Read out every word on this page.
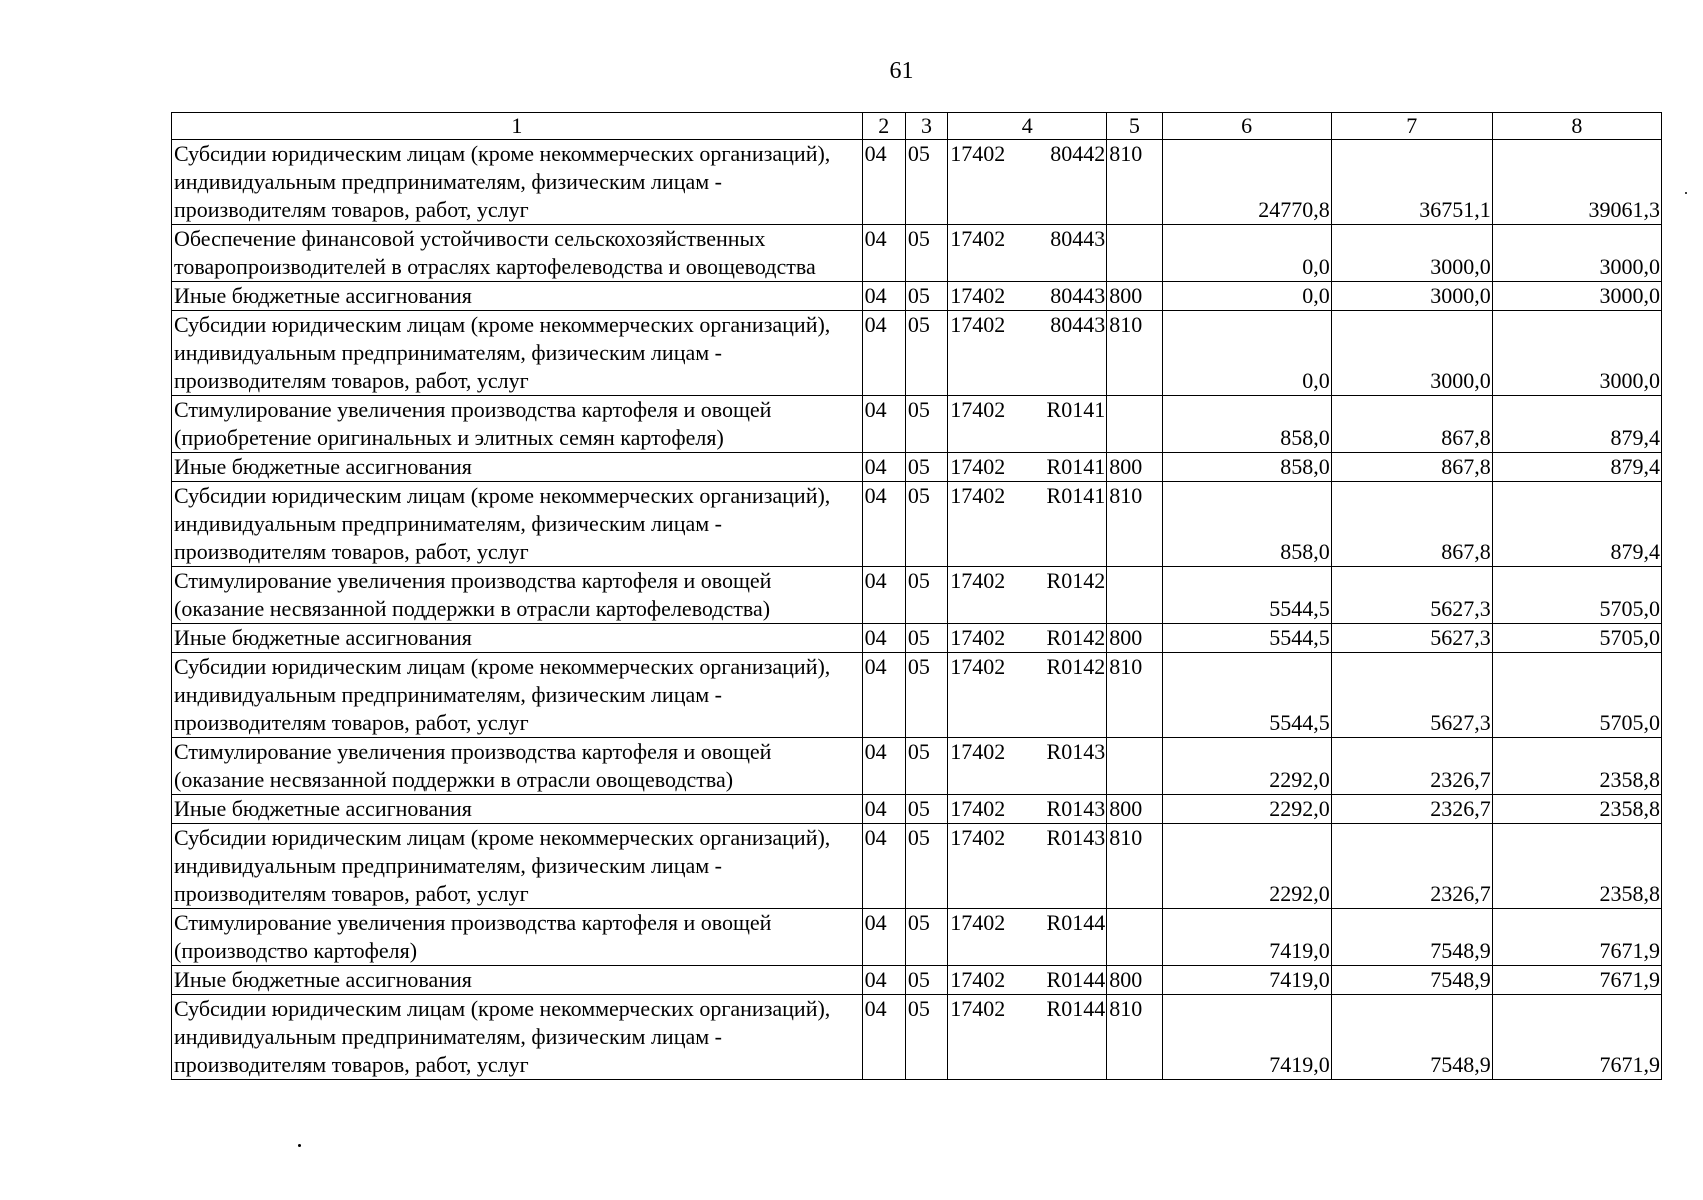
61
1	2	3	4		5	6	7	8
Субсидии юридическим лицам (кроме некоммерческих организаций), индивидуальным предпринимателям, физическим лицам - производителям товаров, работ, услуг	04	05	17402	80442	810	24770,8	36751,1	39061,3
Обеспечение финансовой устойчивости сельскохозяйственных товаропроизводителей в отраслях картофелеводства и овощеводства	04	05	17402	80443		0,0	3000,0	3000,0
Иные бюджетные ассигнования	04	05	17402	80443	800	0,0	3000,0	3000,0
Субсидии юридическим лицам (кроме некоммерческих организаций), индивидуальным предпринимателям, физическим лицам - производителям товаров, работ, услуг	04	05	17402	80443	810	0,0	3000,0	3000,0
Стимулирование увеличения производства картофеля и овощей (приобретение оригинальных и элитных семян картофеля)	04	05	17402	R0141		858,0	867,8	879,4
Иные бюджетные ассигнования	04	05	17402	R0141	800	858,0	867,8	879,4
Субсидии юридическим лицам (кроме некоммерческих организаций), индивидуальным предпринимателям, физическим лицам - производителям товаров, работ, услуг	04	05	17402	R0141	810	858,0	867,8	879,4
Стимулирование увеличения производства картофеля и овощей (оказание несвязанной поддержки в отрасли картофелеводства)	04	05	17402	R0142		5544,5	5627,3	5705,0
Иные бюджетные ассигнования	04	05	17402	R0142	800	5544,5	5627,3	5705,0
Субсидии юридическим лицам (кроме некоммерческих организаций), индивидуальным предпринимателям, физическим лицам - производителям товаров, работ, услуг	04	05	17402	R0142	810	5544,5	5627,3	5705,0
Стимулирование увеличения производства картофеля и овощей (оказание несвязанной поддержки в отрасли овощеводства)	04	05	17402	R0143		2292,0	2326,7	2358,8
Иные бюджетные ассигнования	04	05	17402	R0143	800	2292,0	2326,7	2358,8
Субсидии юридическим лицам (кроме некоммерческих организаций), индивидуальным предпринимателям, физическим лицам - производителям товаров, работ, услуг	04	05	17402	R0143	810	2292,0	2326,7	2358,8
Стимулирование увеличения производства картофеля и овощей (производство картофеля)	04	05	17402	R0144		7419,0	7548,9	7671,9
Иные бюджетные ассигнования	04	05	17402	R0144	800	7419,0	7548,9	7671,9
Субсидии юридическим лицам (кроме некоммерческих организаций), индивидуальным предпринимателям, физическим лицам - производителям товаров, работ, услуг	04	05	17402	R0144	810	7419,0	7548,9	7671,9
